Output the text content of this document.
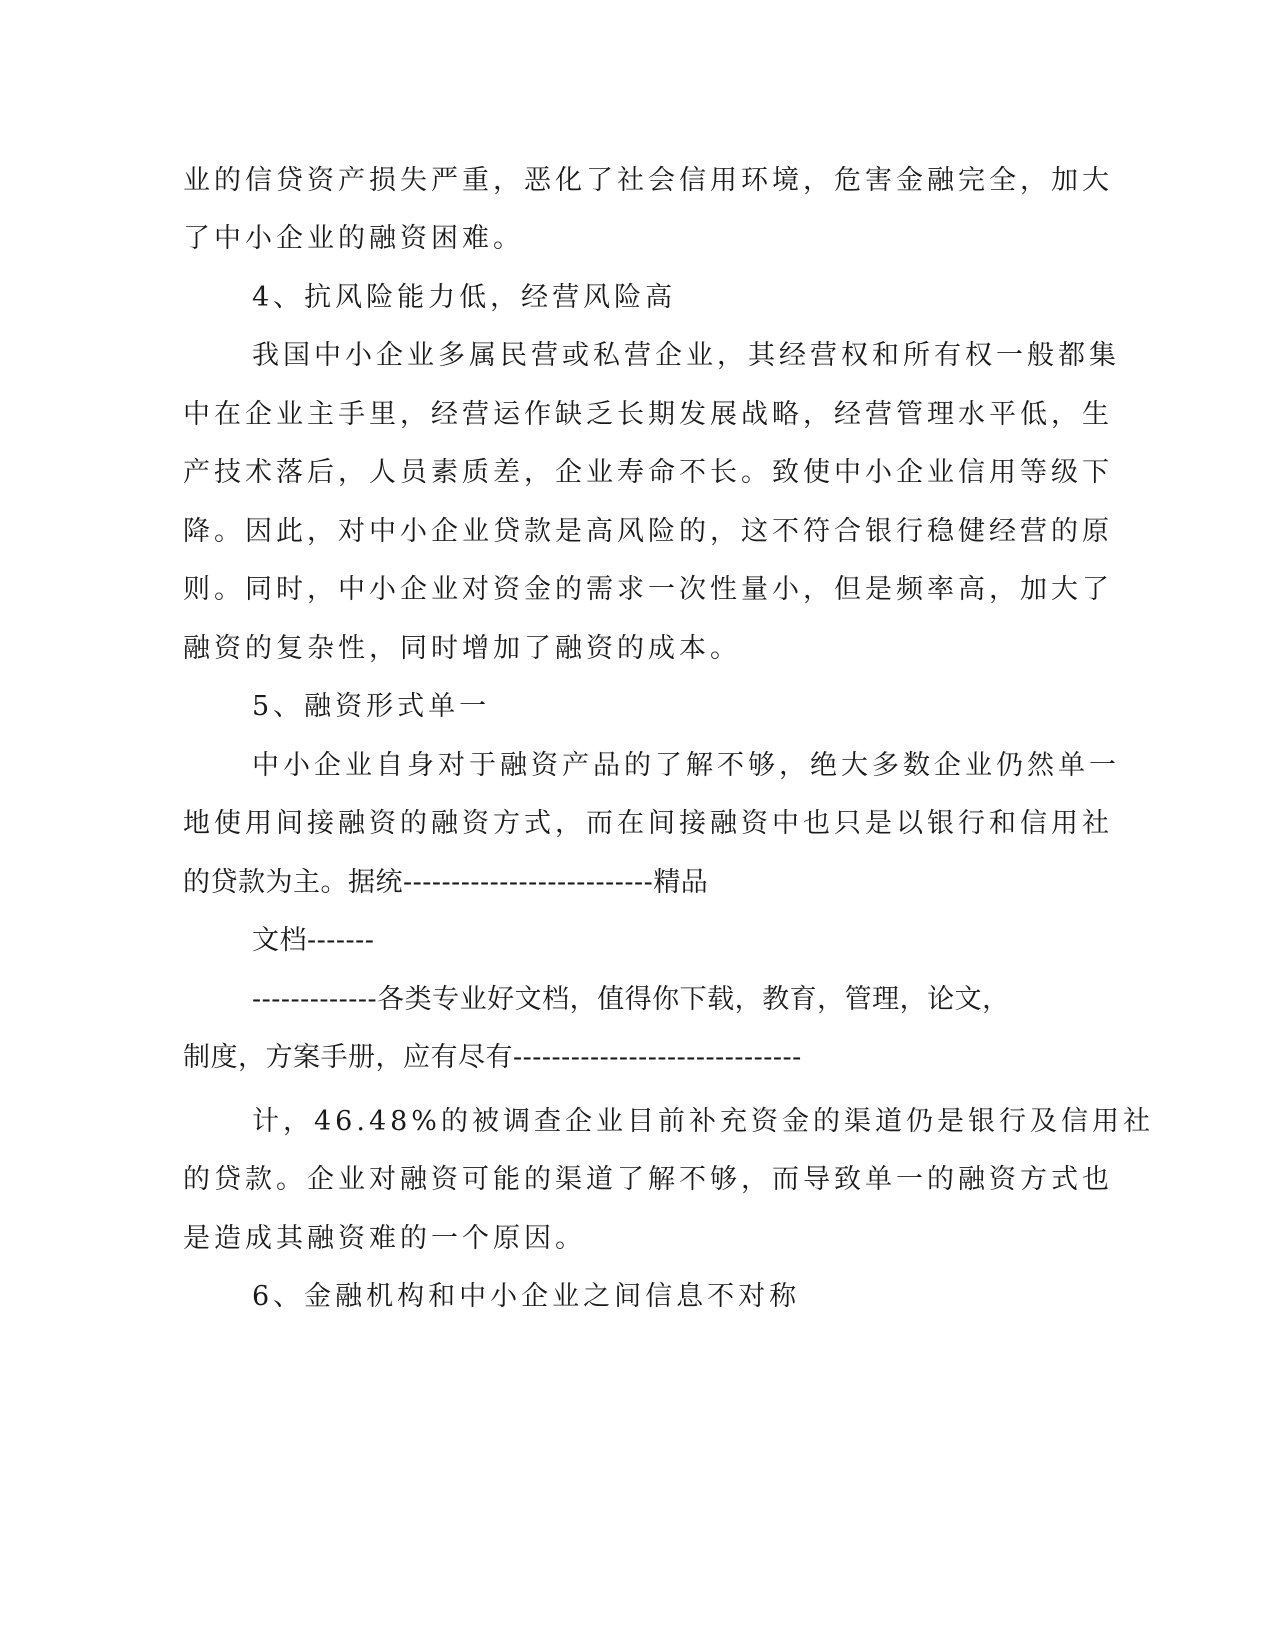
业的信贷资产损失严重，恶化了社会信用环境，危害金融完全，加大
了中小企业的融资困难。
4、抗风险能力低，经营风险高
我国中小企业多属民营或私营企业，其经营权和所有权一般都集
中在企业主手里，经营运作缺乏长期发展战略，经营管理水平低，生
产技术落后，人员素质差，企业寿命不长。致使中小企业信用等级下
降。因此，对中小企业贷款是高风险的，这不符合银行稳健经营的原
则。同时，中小企业对资金的需求一次性量小，但是频率高，加大了
融资的复杂性，同时增加了融资的成本。
5、融资形式单一
中小企业自身对于融资产品的了解不够，绝大多数企业仍然单一
地使用间接融资的融资方式，而在间接融资中也只是以银行和信用社
的贷款为主。据统--------------------------精品
文档-------
-------------各类专业好文档，值得你下载，教育，管理，论文，
制度，方案手册，应有尽有------------------------------
计，46.48%的被调查企业目前补充资金的渠道仍是银行及信用社
的贷款。企业对融资可能的渠道了解不够，而导致单一的融资方式也
是造成其融资难的一个原因。
6、金融机构和中小企业之间信息不对称
